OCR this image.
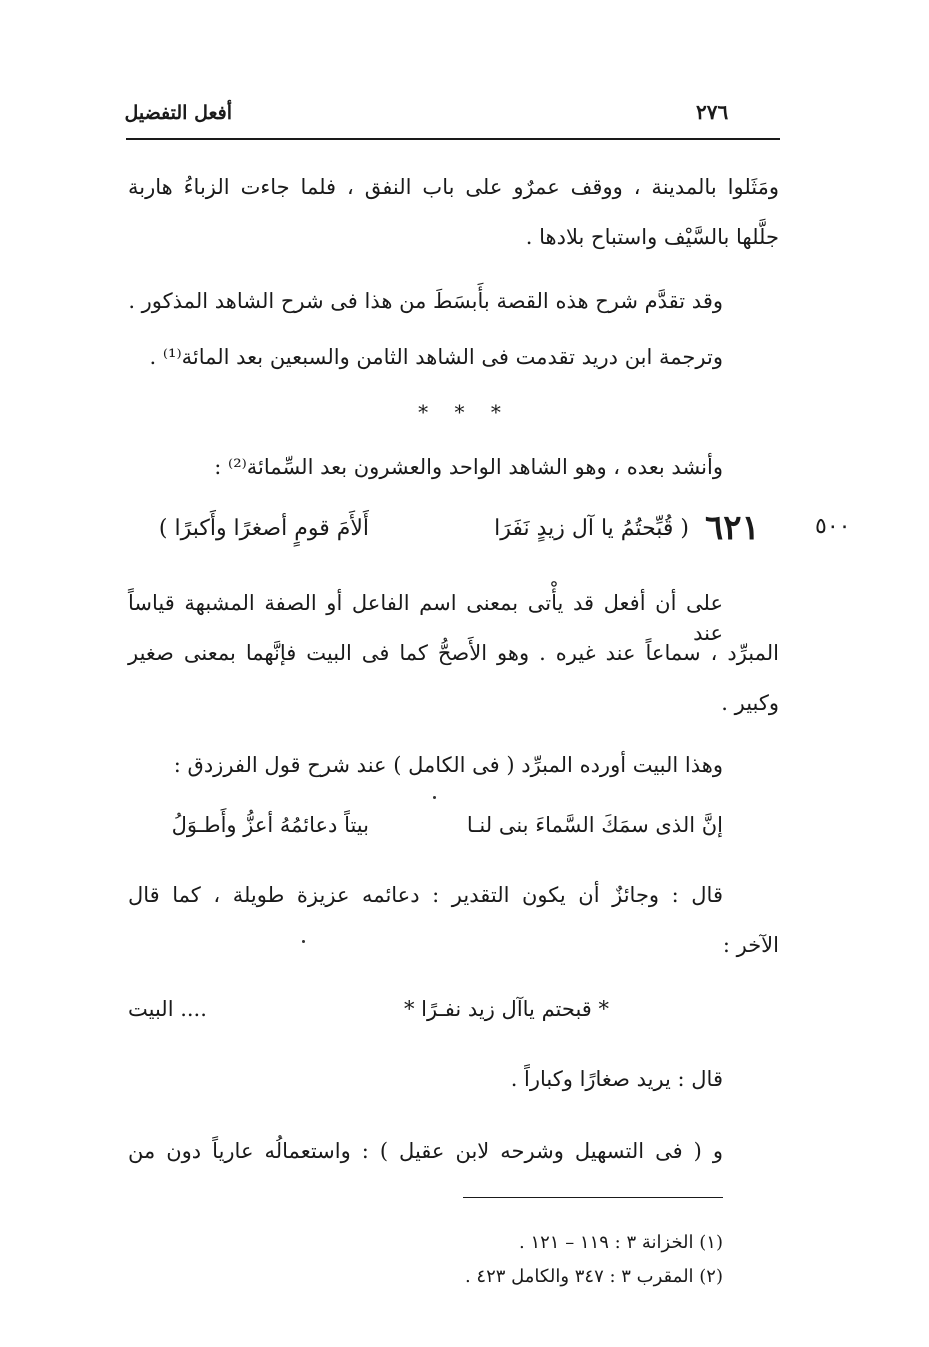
أفعل التفضيل	٢٧٦
ومَثَلوا بالمدينة ، ووقف عمرٌو على باب النفق ، فلما جاءت الزباءُ هاربة
جلَّلها بالسَّيْف واستباح بلادها .
وقد تقدَّم شرح هذه القصة بأَبسَطَ من هذا فى شرح الشاهد المذكور .
وترجمة ابن دريد تقدمت فى الشاهد الثامن والسبعين بعد المائة⁽¹⁾ .
* * *
وأنشد بعده ، وهو الشاهد الواحد والعشرون بعد السِّمائة⁽²⁾ :
٥٠٠
٦٢١
( قُبِّحتُمُ يا آل زيدٍ نَفَرَا
أَلأَمَ قومٍ أصغرًا وأَكبرًا )
على أن أفعل قد يأْتى بمعنى اسم الفاعل أو الصفة المشبهة قياساً عند
المبرِّد ، سماعاً عند غيره . وهو الأَصحُّ كما فى البيت فإنَّهما بمعنى صغير
وكبير .
وهذا البيت أورده المبرِّد ( فى الكامل ) عند شرح قول الفرزدق :
إنَّ الذى سمَكَ السَّماءَ بنى لنـا
بيتاً دعائمُهُ أعزُّ وأَطـوَلُ
قال : وجائزٌ أن يكون التقدير : دعائمه عزيزة طويلة ، كما قال
الآخر :
* قبحتم ياآل زيد نفـرًا *
.... البيت
قال : يريد صغارًا وكباراً .
و ( فى التسهيل وشرحه لابن عقيل ) : واستعمالُه عارياً دون من
(١) الخزانة ٣ : ١١٩ – ١٢١ .
(٢) المقرب ٣ : ٣٤٧ والكامل ٤٢٣ .
